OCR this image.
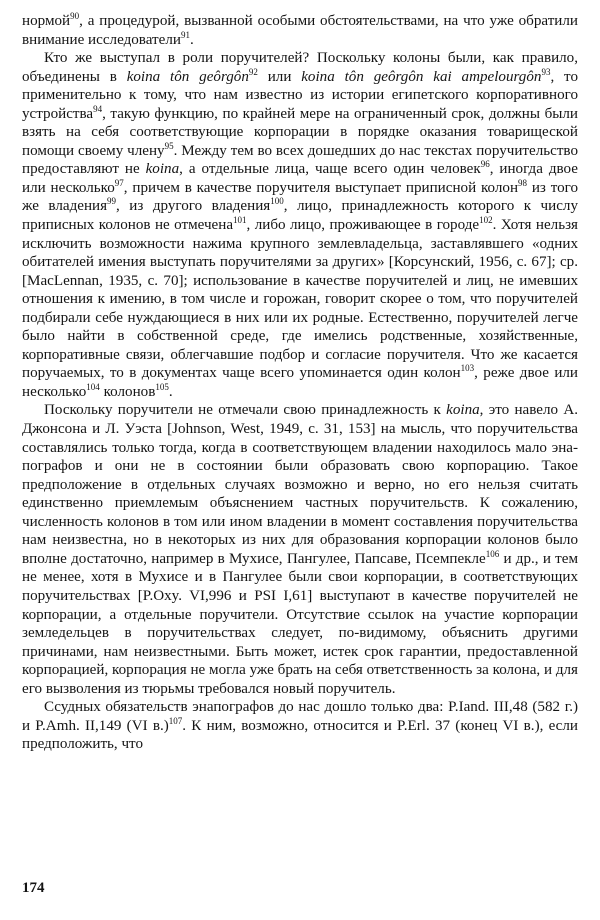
нормой$^{90}$, а процедурой, вызванной особыми обстоятельствами, на что уже обратили внимание исследователи$^{91}$.

Кто же выступал в роли поручителей? Поскольку колоны были, как правило, объединены в koina tôn geôrgôn$^{92}$ или koina tôn geôrgôn kai ampelourgôn$^{93}$, то применительно к тому, что нам известно из истории египетского корпоративного устройства$^{94}$, такую функцию, по крайней мере на ограниченный срок, должны были взять на себя соответствующие корпорации в порядке оказания товарищеской помощи своему члену$^{95}$. Между тем во всех дошедших до нас текстах поручительство предоставляют не koina, а отдельные лица, чаще всего один человек$^{96}$, иногда двое или несколько$^{97}$, причем в качестве поручителя выступает приписной колон$^{98}$ из того же владения$^{99}$, из другого владения$^{100}$, лицо, принадлежность которого к числу приписных колонов не отмечена$^{101}$, либо лицо, проживающее в городе$^{102}$. Хотя нельзя исключить возможности нажима крупного землевладельца, заставлявшего «одних обитателей имения выступать поручителями за других» [Корсунский, 1956, с. 67]; ср. [MacLennan, 1935, с. 70]; использование в качестве поручителей и лиц, не имевших отношения к имению, в том числе и горожан, говорит скорее о том, что поручителей подбирали себе нуждающиеся в них или их родные. Естественно, поручителей легче было найти в собственной среде, где имелись родственные, хозяйственные, корпоративные связи, облегчавшие подбор и согласие поручителя. Что же касается поручаемых, то в документах чаще всего упоминается один колон$^{103}$, реже двое или несколько$^{104}$ колонов$^{105}$.

Поскольку поручители не отмечали свою принадлежность к koina, это навело А. Джонсона и Л. Уэста [Johnson, West, 1949, с. 31, 153] на мысль, что поручительства составлялись только тогда, когда в соответствующем владении находилось мало энапографов и они не в состоянии были образовать свою корпорацию. Такое предположение в отдельных случаях возможно и верно, но его нельзя считать единственно приемлемым объяснением частных поручительств. К сожалению, численность колонов в том или ином владении в момент составления поручительства нам неизвестна, но в некоторых из них для образования корпорации колонов было вполне достаточно, например в Мухисе, Пангулее, Папсаве, Псемпекле$^{106}$ и др., и тем не менее, хотя в Мухисе и в Пангулее были свои корпорации, в соответствующих поручительствах [P.Oxy. VI,996 и PSI I,61] выступают в качестве поручителей не корпорации, а отдельные поручители. Отсутствие ссылок на участие корпорации земледельцев в поручительствах следует, по-видимому, объяснить другими причинами, нам неизвестными. Быть может, истек срок гарантии, предоставленной корпорацией, корпорация не могла уже брать на себя ответственность за колона, и для его вызволения из тюрьмы требовался новый поручитель.

Ссудных обязательств энапографов до нас дошло только два: P.Iand. III,48 (582 г.) и P.Amh. II,149 (VI в.)$^{107}$. К ним, возможно, относится и P.Erl. 37 (конец VI в.), если предположить, что

174
